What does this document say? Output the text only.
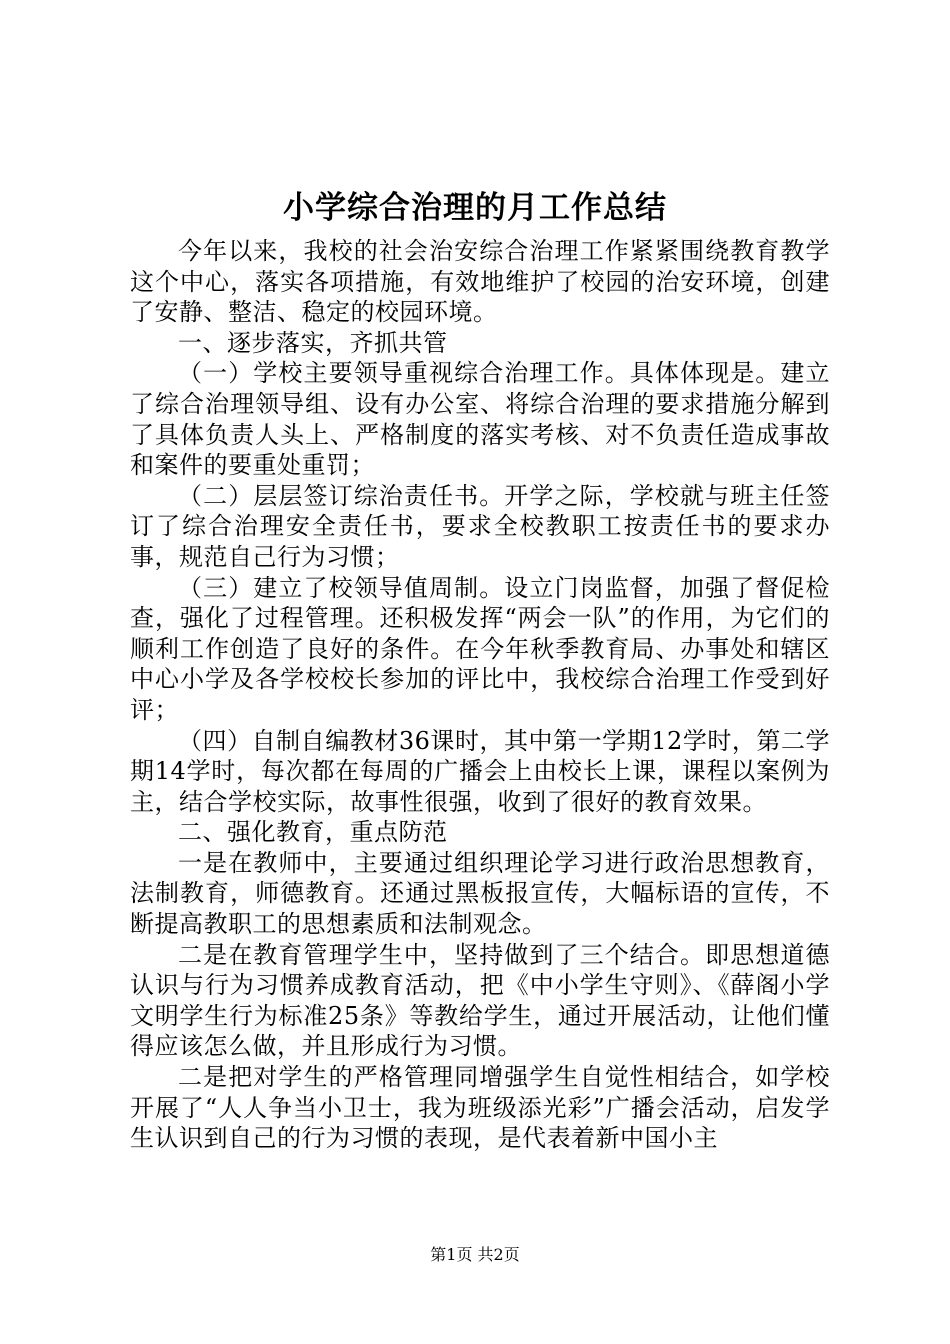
小学综合治理的月工作总结

今年以来，我校的社会治安综合治理工作紧紧围绕教育教学这个中心，落实各项措施，有效地维护了校园的治安环境，创建了安静、整洁、稳定的校园环境。

一、逐步落实，齐抓共管

（一）学校主要领导重视综合治理工作。具体体现是。建立了综合治理领导组、设有办公室、将综合治理的要求措施分解到了具体负责人头上、严格制度的落实考核、对不负责任造成事故和案件的要重处重罚；

（二）层层签订综治责任书。开学之际，学校就与班主任签订了综合治理安全责任书，要求全校教职工按责任书的要求办事，规范自己行为习惯；

（三）建立了校领导值周制。设立门岗监督，加强了督促检查，强化了过程管理。还积极发挥“两会一队”的作用，为它们的顺利工作创造了良好的条件。在今年秋季教育局、办事处和辖区中心小学及各学校校长参加的评比中，我校综合治理工作受到好评；

（四）自制自编教材36课时，其中第一学期12学时，第二学期14学时，每次都在每周的广播会上由校长上课，课程以案例为主，结合学校实际，故事性很强，收到了很好的教育效果。

二、强化教育，重点防范

一是在教师中，主要通过组织理论学习进行政治思想教育，法制教育，师德教育。还通过黑板报宣传，大幅标语的宣传，不断提高教职工的思想素质和法制观念。

二是在教育管理学生中，坚持做到了三个结合。即思想道德认识与行为习惯养成教育活动，把《中小学生守则》、《薛阁小学文明学生行为标准25条》等教给学生，通过开展活动，让他们懂得应该怎么做，并且形成行为习惯。

二是把对学生的严格管理同增强学生自觉性相结合，如学校开展了“人人争当小卫士，我为班级添光彩”广播会活动，启发学生认识到自己的行为习惯的表现，是代表着新中国小主

第1页 共2页
